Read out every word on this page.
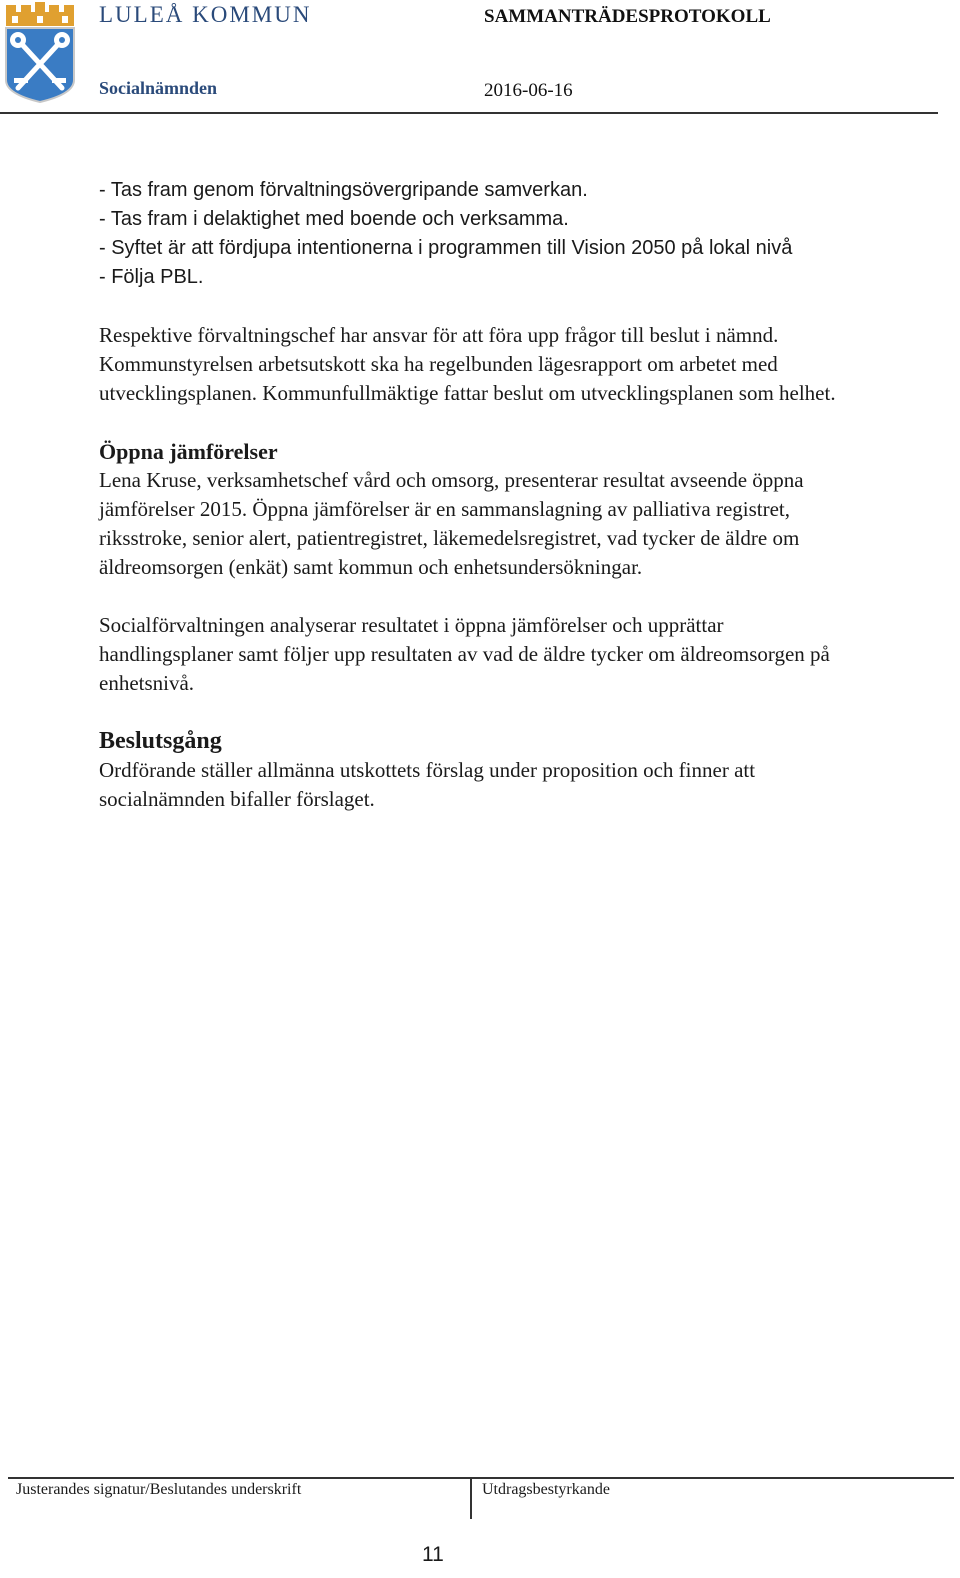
LULEÅ KOMMUN
Socialnämnden
SAMMANTRÄDESPROTOKOLL
2016-06-16

- Tas fram genom förvaltningsövergripande samverkan.

- Tas fram i delaktighet med boende och verksamma.

- Syftet är att fördjupa intentionerna i programmen till Vision 2050 på lokal nivå

- Följa PBL.

Respektive förvaltningschef har ansvar för att föra upp frågor till beslut i nämnd. Kommunstyrelsen arbetsutskott ska ha regelbunden lägesrapport om arbetet med utvecklingsplanen. Kommunfullmäktige fattar beslut om utvecklingsplanen som helhet.

Öppna jämförelser

Lena Kruse, verksamhetschef vård och omsorg, presenterar resultat avseende öppna jämförelser 2015. Öppna jämförelser är en sammanslagning av palliativa registret, riksstroke, senior alert, patientregistret, läkemedelsregistret, vad tycker de äldre om äldreomsorgen (enkät) samt kommun och enhetsundersökningar.

Socialförvaltningen analyserar resultatet i öppna jämförelser och upprättar handlingsplaner samt följer upp resultaten av vad de äldre tycker om äldreomsorgen på enhetsnivå.

Beslutsgång

Ordförande ställer allmänna utskottets förslag under proposition och finner att socialnämnden bifaller förslaget.

Justerandes signatur/Beslutandes underskrift	Utdragsbestyrkande
11
